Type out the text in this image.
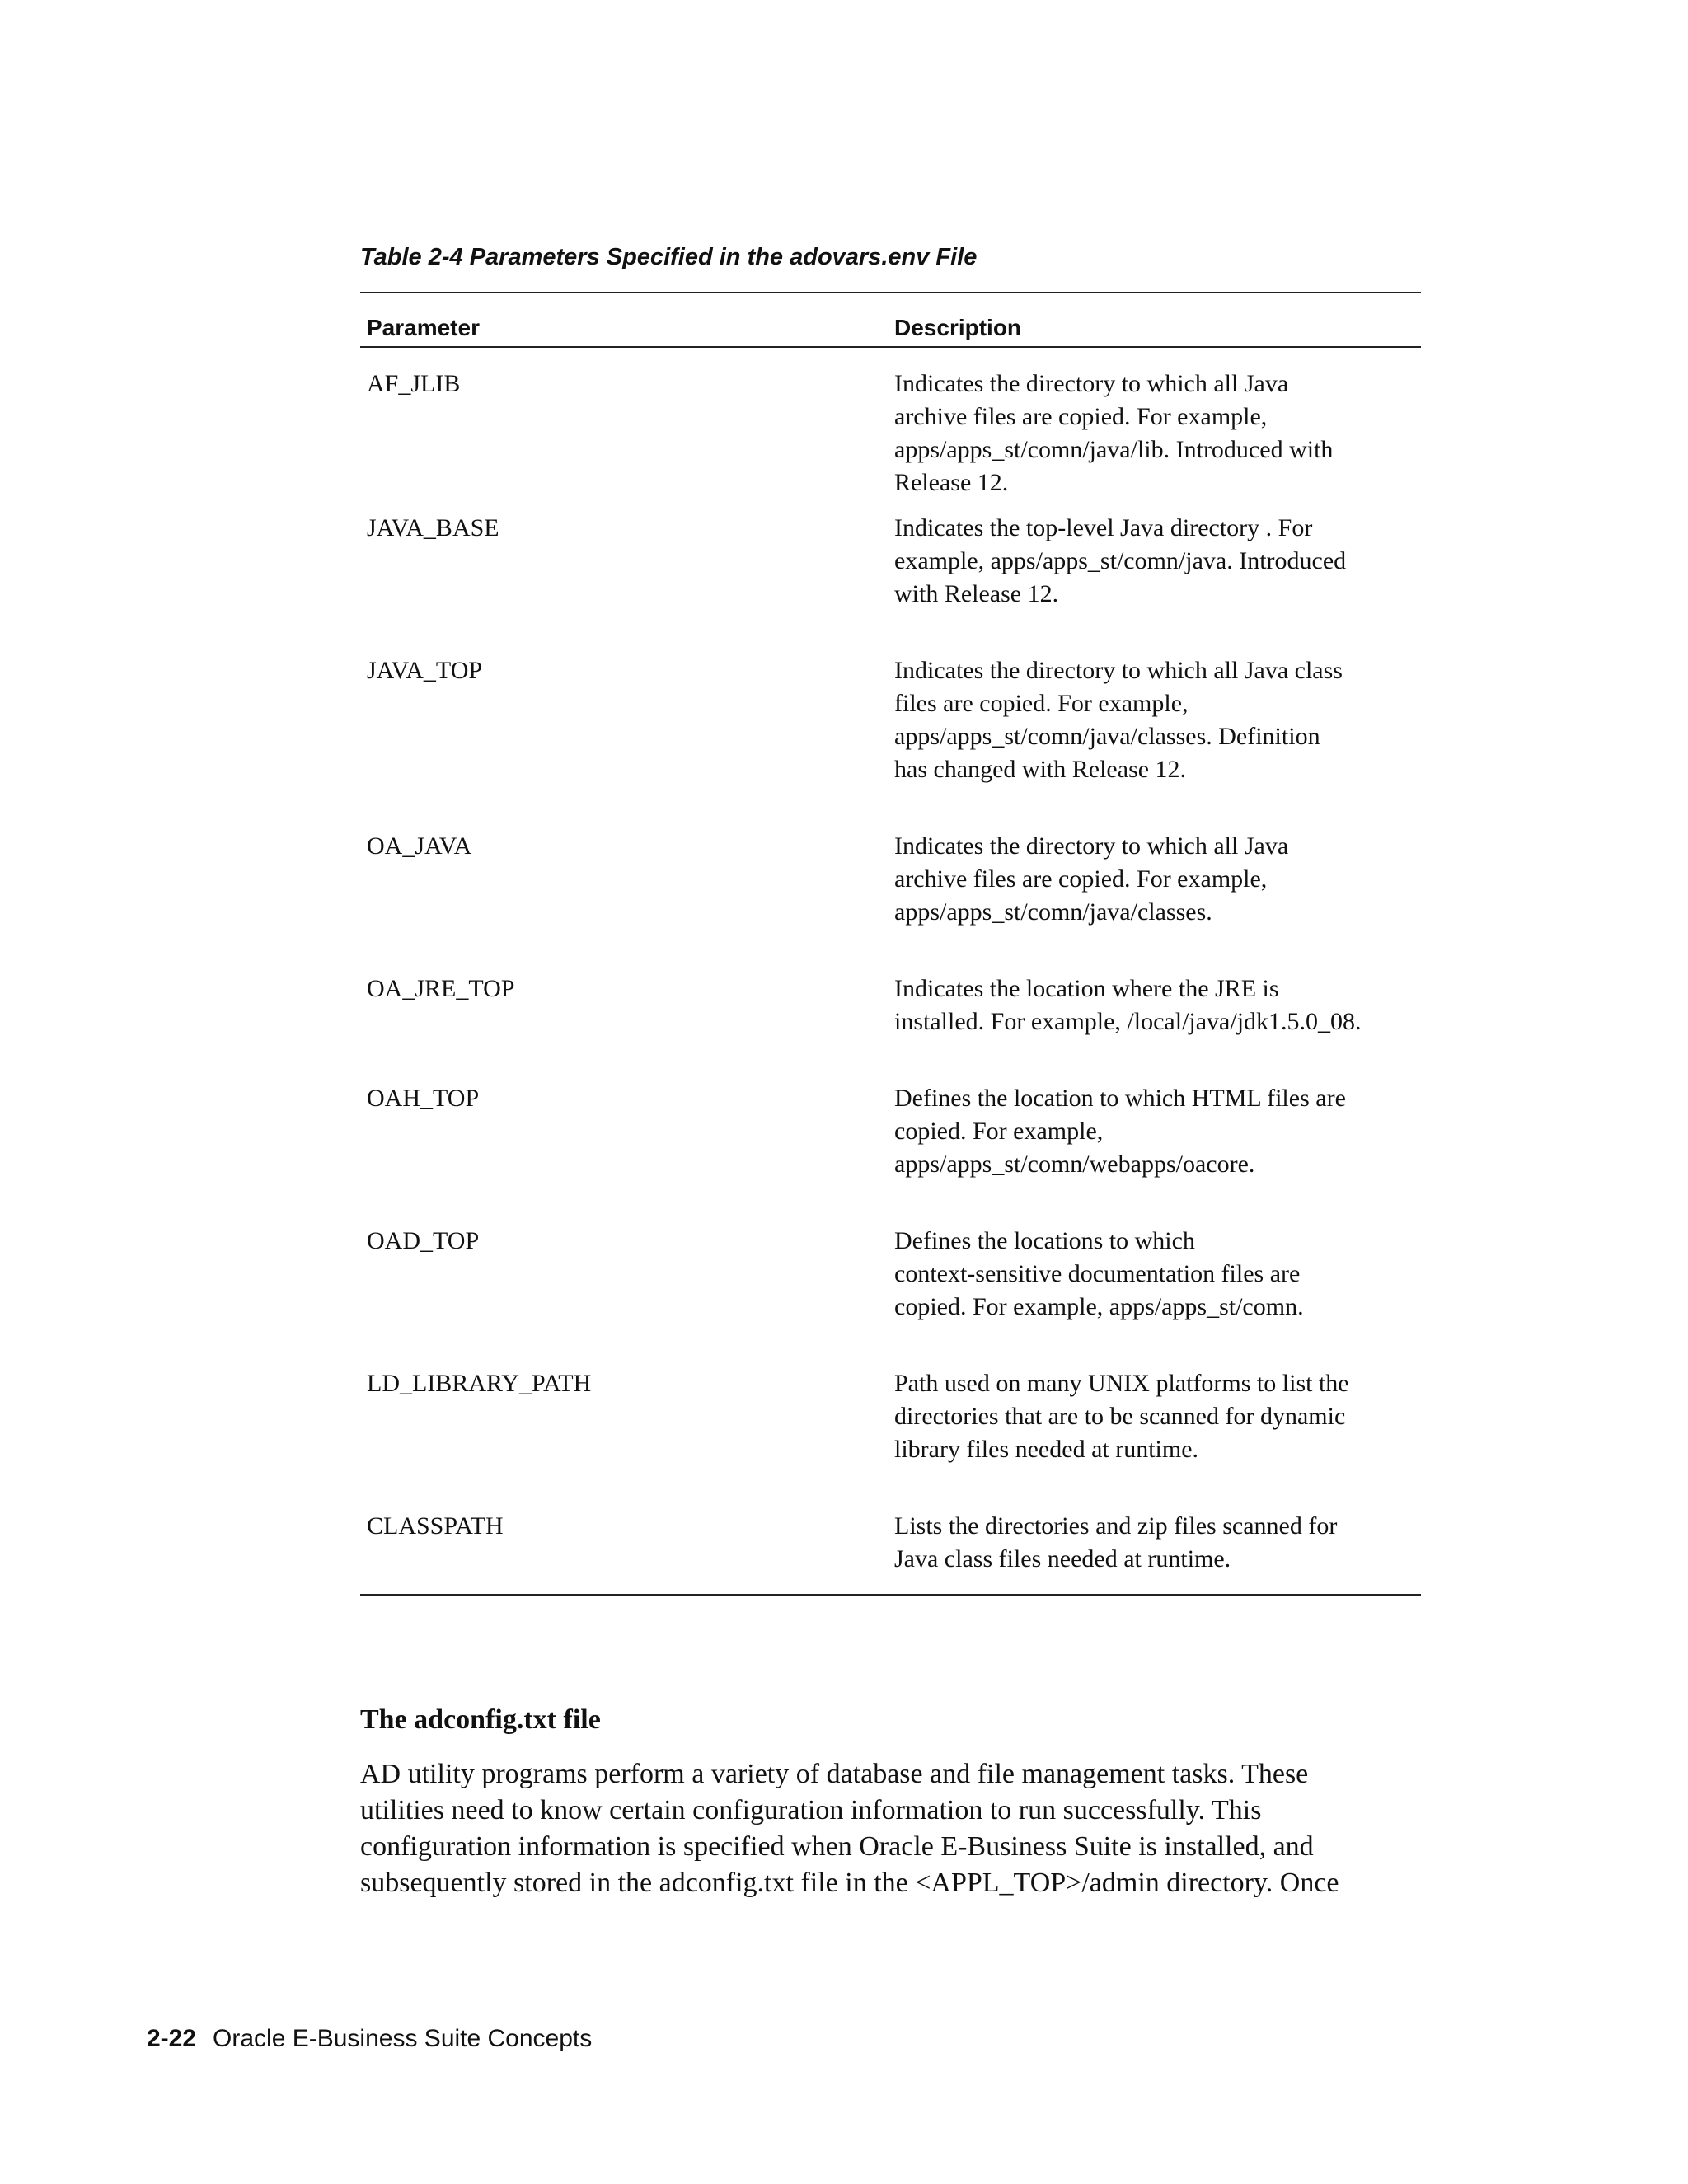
Table 2-4 Parameters Specified in the adovars.env File

Parameter	Description
AF_JLIB	Indicates the directory to which all Java
archive files are copied. For example,
apps/apps_st/comn/java/lib. Introduced with
Release 12.

JAVA_BASE	Indicates the top-level Java directory . For
example, apps/apps_st/comn/java. Introduced
with Release 12.

JAVA_TOP	Indicates the directory to which all Java class
files are copied. For example,
apps/apps_st/comn/java/classes. Definition
has changed with Release 12.

OA_JAVA	Indicates the directory to which all Java
archive files are copied. For example,
apps/apps_st/comn/java/classes.

OA_JRE_TOP	Indicates the location where the JRE is
installed. For example, /local/java/jdk1.5.0_08.

OAH_TOP	Defines the location to which HTML files are
copied. For example,
apps/apps_st/comn/webapps/oacore.

OAD_TOP	Defines the locations to which
context-sensitive documentation files are
copied. For example, apps/apps_st/comn.

LD_LIBRARY_PATH	Path used on many UNIX platforms to list the
directories that are to be scanned for dynamic
library files needed at runtime.

CLASSPATH	Lists the directories and zip files scanned for
Java class files needed at runtime.
The adconfig.txt file

AD utility programs perform a variety of database and file management tasks. These
utilities need to know certain configuration information to run successfully. This
configuration information is specified when Oracle E-Business Suite is installed, and
subsequently stored in the adconfig.txt file in the <APPL_TOP>/admin directory. Once

2-22 Oracle E-Business Suite Concepts
